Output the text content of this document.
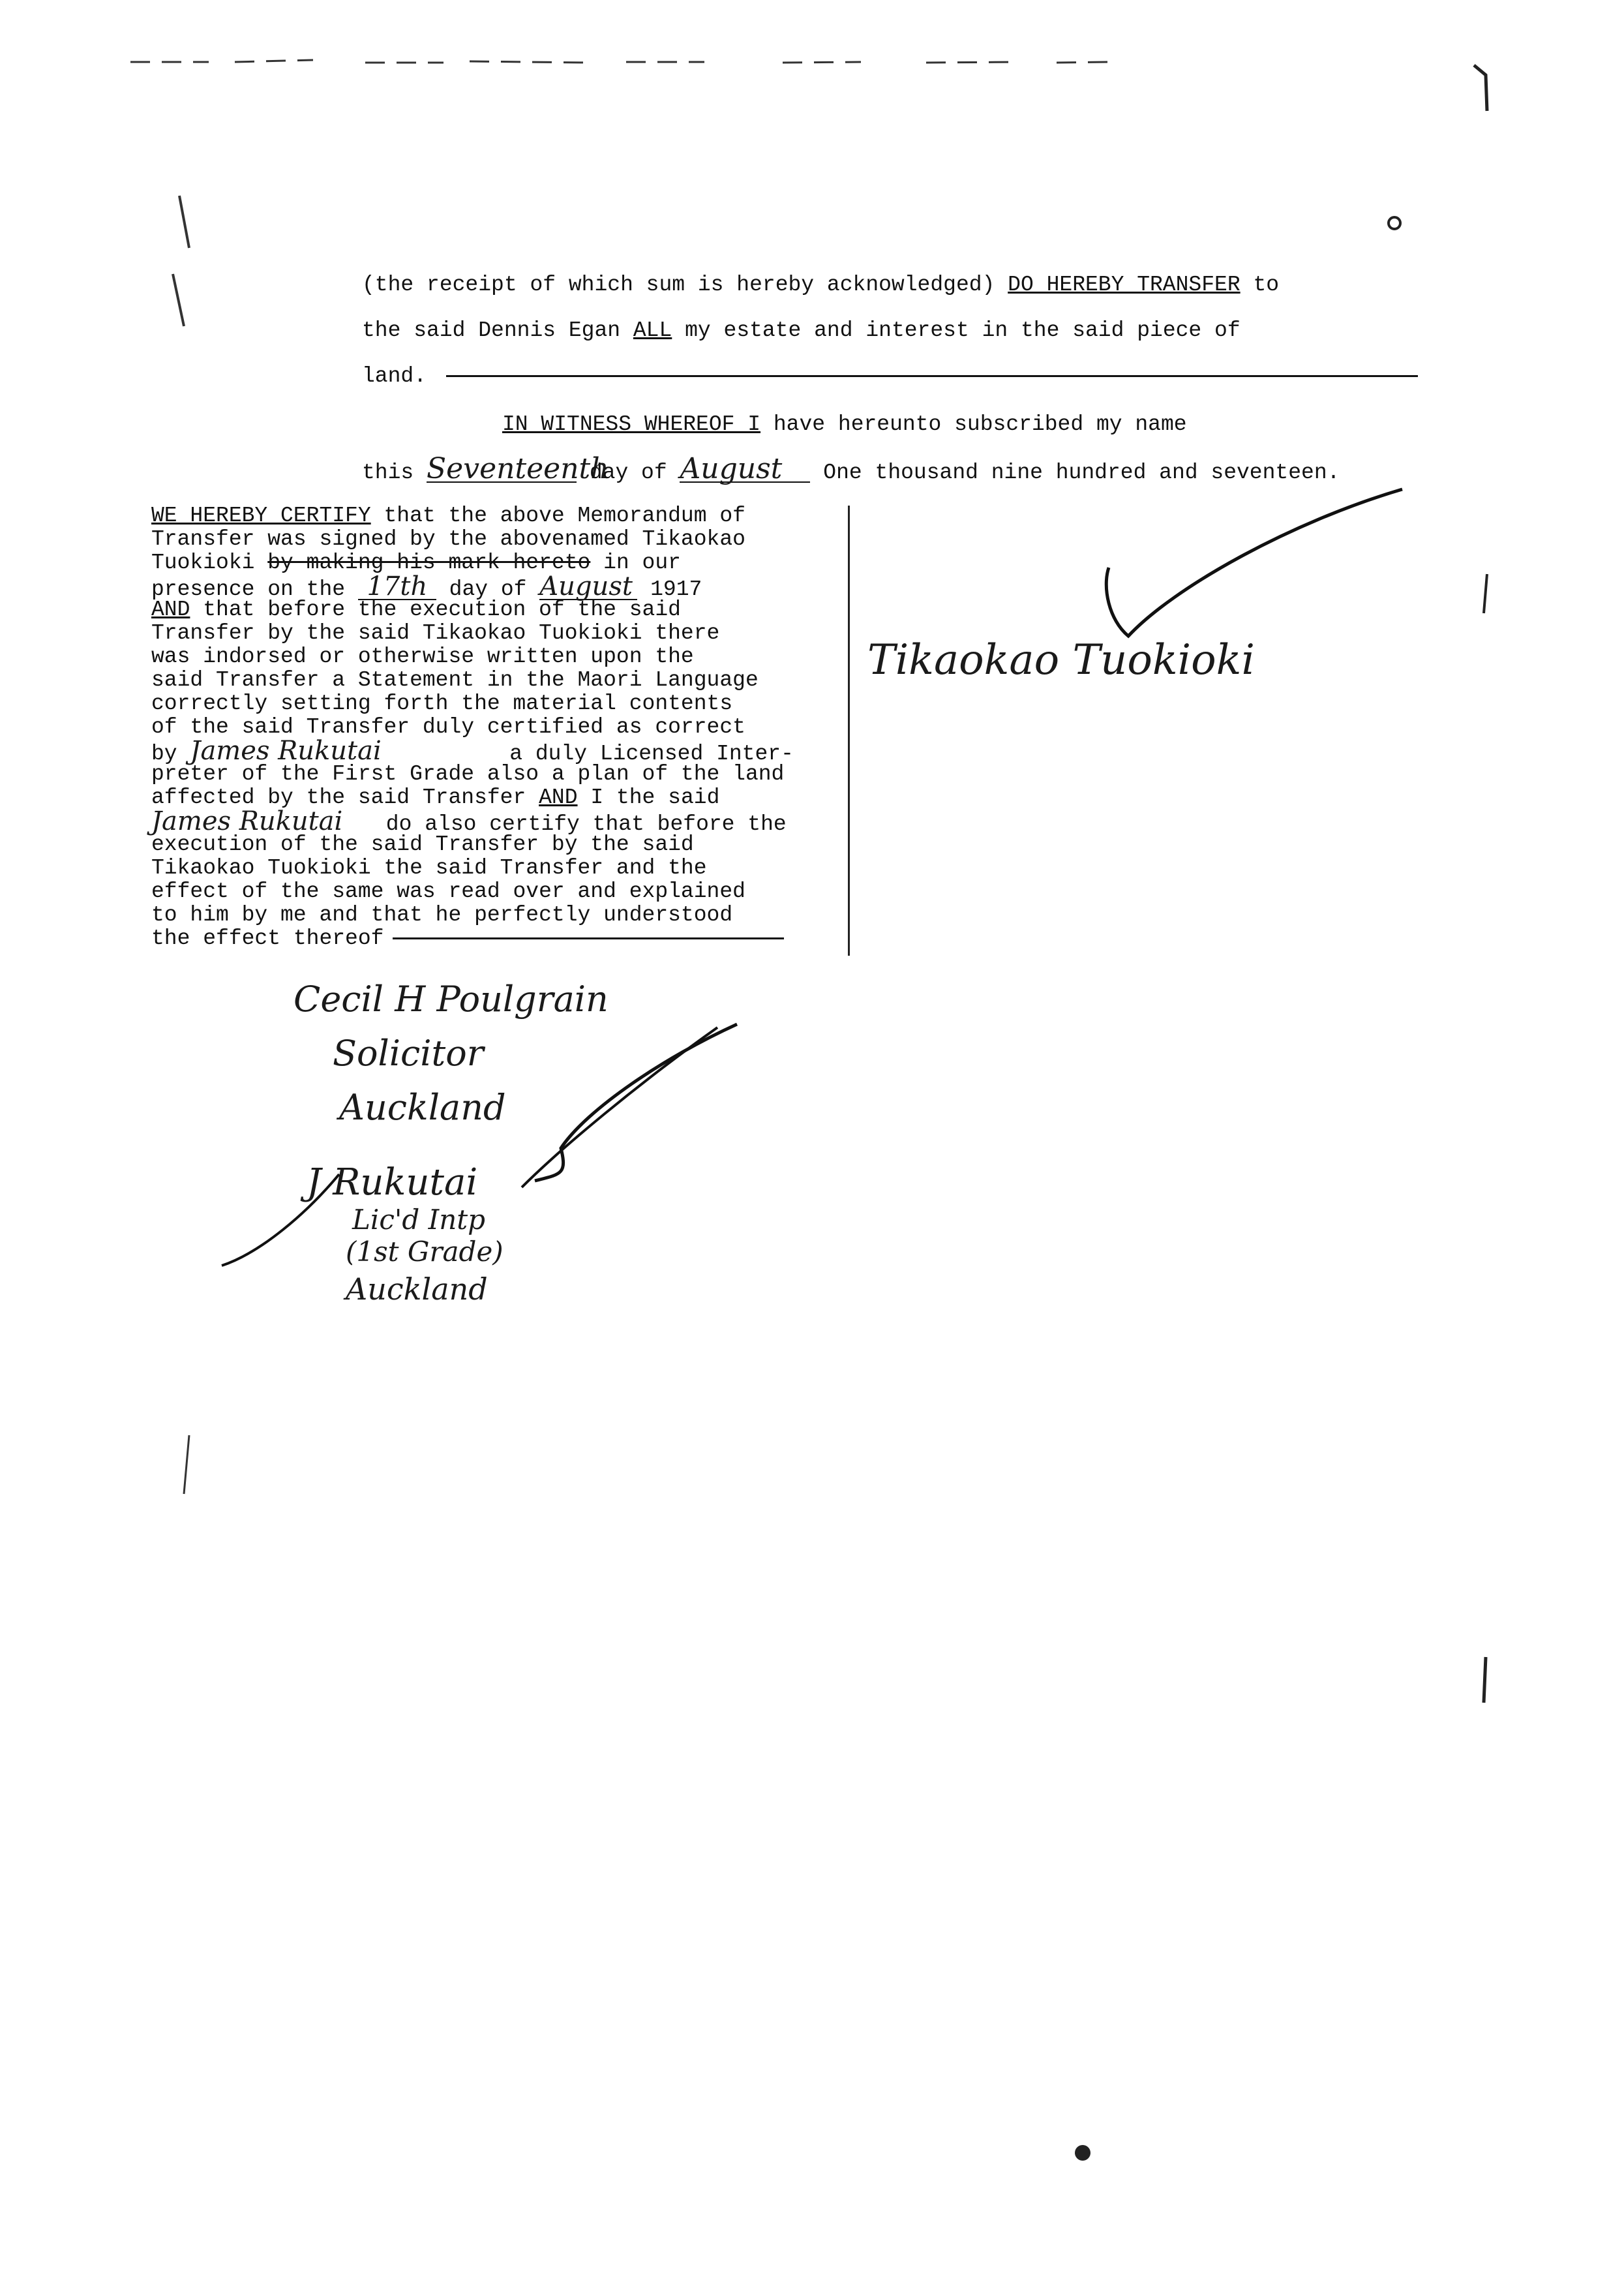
(the receipt of which sum is hereby acknowledged) DO HEREBY TRANSFER to
the said Dennis Egan ALL my estate and interest in the said piece of
land.
IN WITNESS WHEREOF I have hereunto subscribed my name
this Seventeenth day of August One thousand nine hundred and seventeen.
WE HEREBY CERTIFY that the above Memorandum of
Transfer was signed by the abovenamed Tikaokao
Tuokioki by making his mark hereto in our
presence on the 17th day of August 1917
AND that before the execution of the said
Transfer by the said Tikaokao Tuokioki there
was indorsed or otherwise written upon the
said Transfer a Statement in the Maori Language
correctly setting forth the material contents
of the said Transfer duly certified as correct
by James Rukutai	a duly Licensed Inter-
preter of the First Grade also a plan of the land
affected by the said Transfer AND I the said
James Rukutai do also certify that before the
execution of the said Transfer by the said
Tikaokao Tuokioki the said Transfer and the
effect of the same was read over and explained
to him by me and that he perfectly understood
the effect thereof
Tikaokao Tuokioki
Cecil H Poulgrain
Solicitor
Auckland
J Rukutai
Lic'd Intp
(1st Grade)
Auckland
